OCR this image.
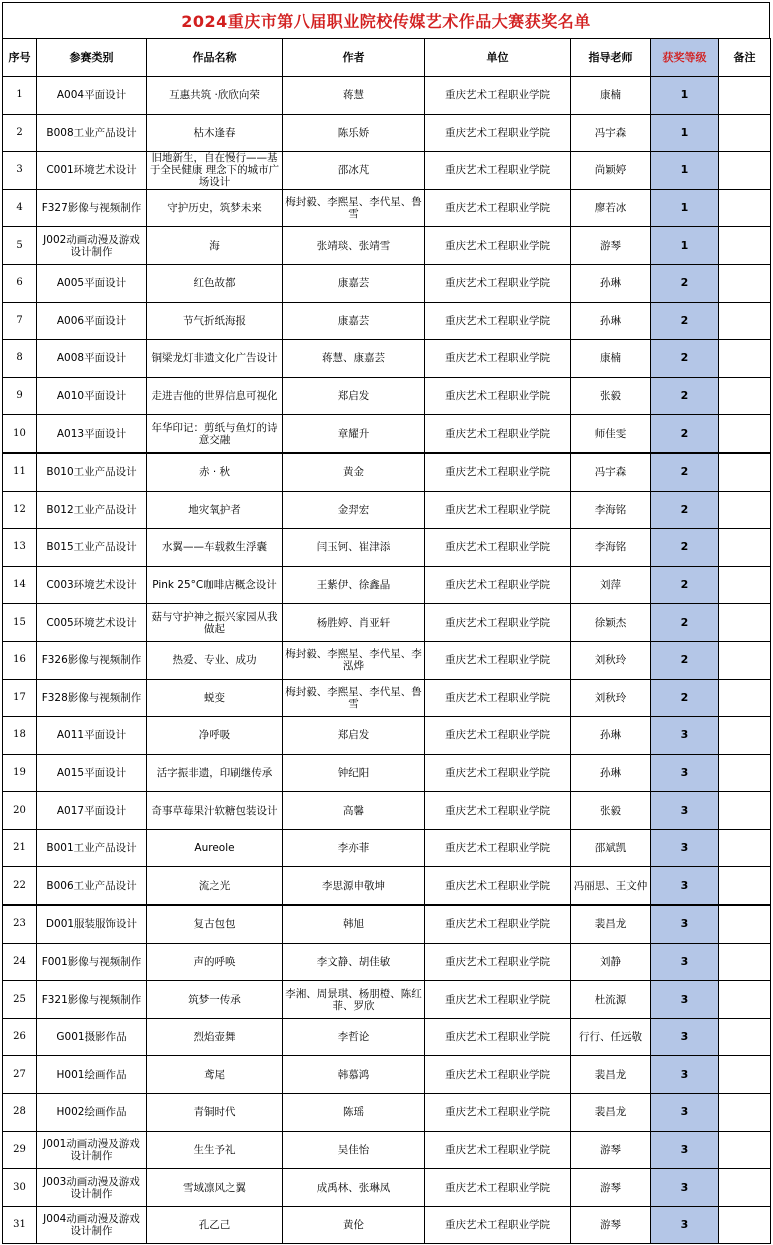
2024重庆市第八届职业院校传媒艺术作品大赛获奖名单
序号	参赛类别	作品名称	作者	单位	指导老师	获奖等级	备注

1	A004平面设计	互惠共筑 ·欣欣向荣	蒋慧	重庆艺术工程职业学院	康楠	1	

2	B008工业产品设计	枯木逢春	陈乐娇	重庆艺术工程职业学院	冯宇森	1	

3	C001环境艺术设计	旧地新生，自在慢行——基于全民健康 理念下的城市广场设计	邵冰芃	重庆艺术工程职业学院	尚颖婷	1	

4	F327影像与视频制作	守护历史，筑梦未来	梅封毅、李熙星、李代星、鲁雪	重庆艺术工程职业学院	廖若冰	1	

5	J002动画动漫及游戏设计制作	海	张靖琰、张靖雪	重庆艺术工程职业学院	游琴	1	

6	A005平面设计	红色故都	康嘉芸	重庆艺术工程职业学院	孙琳	2	

7	A006平面设计	节气折纸海报	康嘉芸	重庆艺术工程职业学院	孙琳	2	

8	A008平面设计	铜梁龙灯非遗文化广告设计	蒋慧、康嘉芸	重庆艺术工程职业学院	康楠	2	

9	A010平面设计	走进吉他的世界信息可视化	郑启发	重庆艺术工程职业学院	张毅	2	

10	A013平面设计	年华印记：剪纸与鱼灯的诗意交融	章耀升	重庆艺术工程职业学院	师佳雯	2	

11	B010工业产品设计	赤 · 秋	黄金	重庆艺术工程职业学院	冯宇森	2	

12	B012工业产品设计	地灾氧护者	金羿宏	重庆艺术工程职业学院	李海铭	2	

13	B015工业产品设计	水翼——车载救生浮囊	闫玉钶、崔津添	重庆艺术工程职业学院	李海铭	2	

14	C003环境艺术设计	Pink 25°C咖啡店概念设计	王紫伊、徐鑫晶	重庆艺术工程职业学院	刘萍	2	

15	C005环境艺术设计	菇与守护神之振兴家园从我做起	杨胜婷、肖亚轩	重庆艺术工程职业学院	徐颖杰	2	

16	F326影像与视频制作	热爱、专业、成功	梅封毅、李熙星、李代星、李泓烨	重庆艺术工程职业学院	刘秋玲	2	

17	F328影像与视频制作	蜕变	梅封毅、李熙星、李代星、鲁雪	重庆艺术工程职业学院	刘秋玲	2	

18	A011平面设计	净呼吸	郑启发	重庆艺术工程职业学院	孙琳	3	

19	A015平面设计	活字振非遗，印刷继传承	钟纪阳	重庆艺术工程职业学院	孙琳	3	

20	A017平面设计	奇事草莓果汁软糖包装设计	高馨	重庆艺术工程职业学院	张毅	3	

21	B001工业产品设计	Aureole	李亦菲	重庆艺术工程职业学院	邵斌凯	3	

22	B006工业产品设计	流之光	李思源申敬坤	重庆艺术工程职业学院	冯丽思、王文仲	3	

23	D001服装服饰设计	复古包包	韩旭	重庆艺术工程职业学院	裴昌龙	3	

24	F001影像与视频制作	声的呼唤	李文静、胡佳敏	重庆艺术工程职业学院	刘静	3	

25	F321影像与视频制作	筑梦一传承	李湘、周景琪、杨朋橙、陈红菲、罗欣	重庆艺术工程职业学院	杜流源	3	

26	G001摄影作品	烈焰壶舞	李哲论	重庆艺术工程职业学院	行行、任远敬	3	

27	H001绘画作品	鸢尾	韩慕鸿	重庆艺术工程职业学院	裴昌龙	3	

28	H002绘画作品	青铜时代	陈瑶	重庆艺术工程职业学院	裴昌龙	3	

29	J001动画动漫及游戏设计制作	生生予礼	吴佳怡	重庆艺术工程职业学院	游琴	3	

30	J003动画动漫及游戏设计制作	雪域凛风之翼	成禹林、张琳凤	重庆艺术工程职业学院	游琴	3	

31	J004动画动漫及游戏设计制作	孔乙己	黄伦	重庆艺术工程职业学院	游琴	3	
